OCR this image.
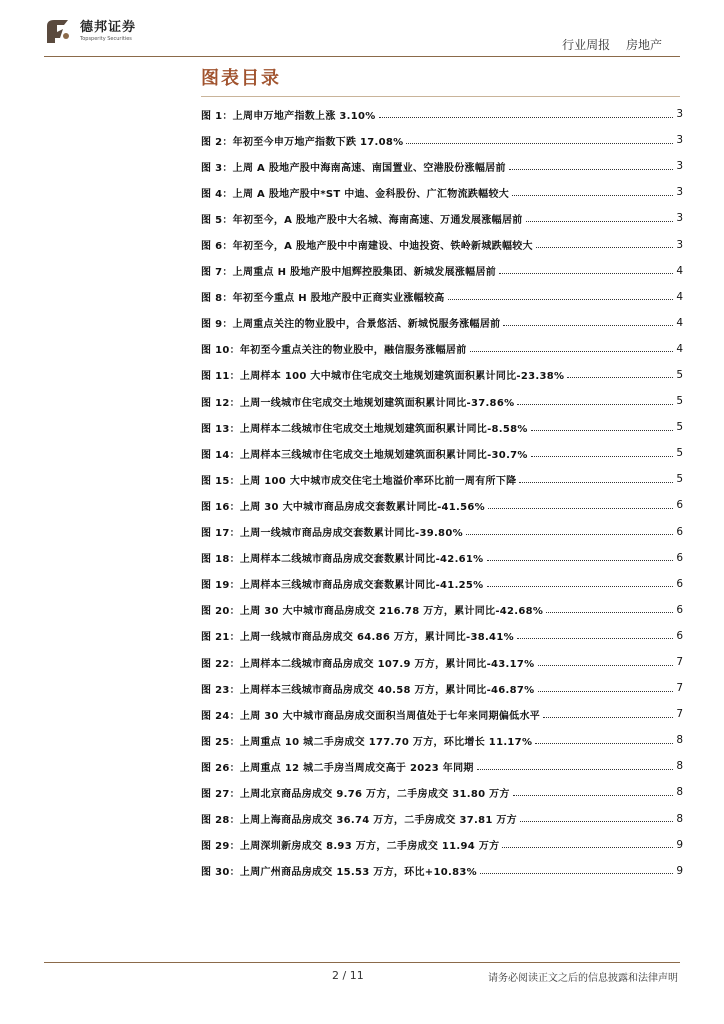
德邦证券
Topsperity Securities	行业周报 房地产
图表目录
图 1：上周申万地产指数上涨 3.10%	3
图 2：年初至今申万地产指数下跌 17.08%	3
图 3：上周 A 股地产股中海南高速、南国置业、空港股份涨幅居前	3
图 4：上周 A 股地产股中*ST 中迪、金科股份、广汇物流跌幅较大	3
图 5：年初至今，A 股地产股中大名城、海南高速、万通发展涨幅居前	3
图 6：年初至今，A 股地产股中中南建设、中迪投资、铁岭新城跌幅较大	3
图 7：上周重点 H 股地产股中旭辉控股集团、新城发展涨幅居前	4
图 8：年初至今重点 H 股地产股中正商实业涨幅较高	4
图 9：上周重点关注的物业股中，合景悠活、新城悦服务涨幅居前	4
图 10：年初至今重点关注的物业股中，融信服务涨幅居前	4
图 11：上周样本 100 大中城市住宅成交土地规划建筑面积累计同比-23.38%	5
图 12：上周一线城市住宅成交土地规划建筑面积累计同比-37.86%	5
图 13：上周样本二线城市住宅成交土地规划建筑面积累计同比-8.58%	5
图 14：上周样本三线城市住宅成交土地规划建筑面积累计同比-30.7%	5
图 15：上周 100 大中城市成交住宅土地溢价率环比前一周有所下降	5
图 16：上周 30 大中城市商品房成交套数累计同比-41.56%	6
图 17：上周一线城市商品房成交套数累计同比-39.80%	6
图 18：上周样本二线城市商品房成交套数累计同比-42.61%	6
图 19：上周样本三线城市商品房成交套数累计同比-41.25%	6
图 20：上周 30 大中城市商品房成交 216.78 万方，累计同比-42.68%	6
图 21：上周一线城市商品房成交 64.86 万方，累计同比-38.41%	6
图 22：上周样本二线城市商品房成交 107.9 万方，累计同比-43.17%	7
图 23：上周样本三线城市商品房成交 40.58 万方，累计同比-46.87%	7
图 24：上周 30 大中城市商品房成交面积当周值处于七年来同期偏低水平	7
图 25：上周重点 10 城二手房成交 177.70 万方，环比增长 11.17%	8
图 26：上周重点 12 城二手房当周成交高于 2023 年同期	8
图 27：上周北京商品房成交 9.76 万方，二手房成交 31.80 万方	8
图 28：上周上海商品房成交 36.74 万方，二手房成交 37.81 万方	8
图 29：上周深圳新房成交 8.93 万方，二手房成交 11.94 万方	9
图 30：上周广州商品房成交 15.53 万方，环比+10.83%	9
2 / 11	请务必阅读正文之后的信息披露和法律声明
